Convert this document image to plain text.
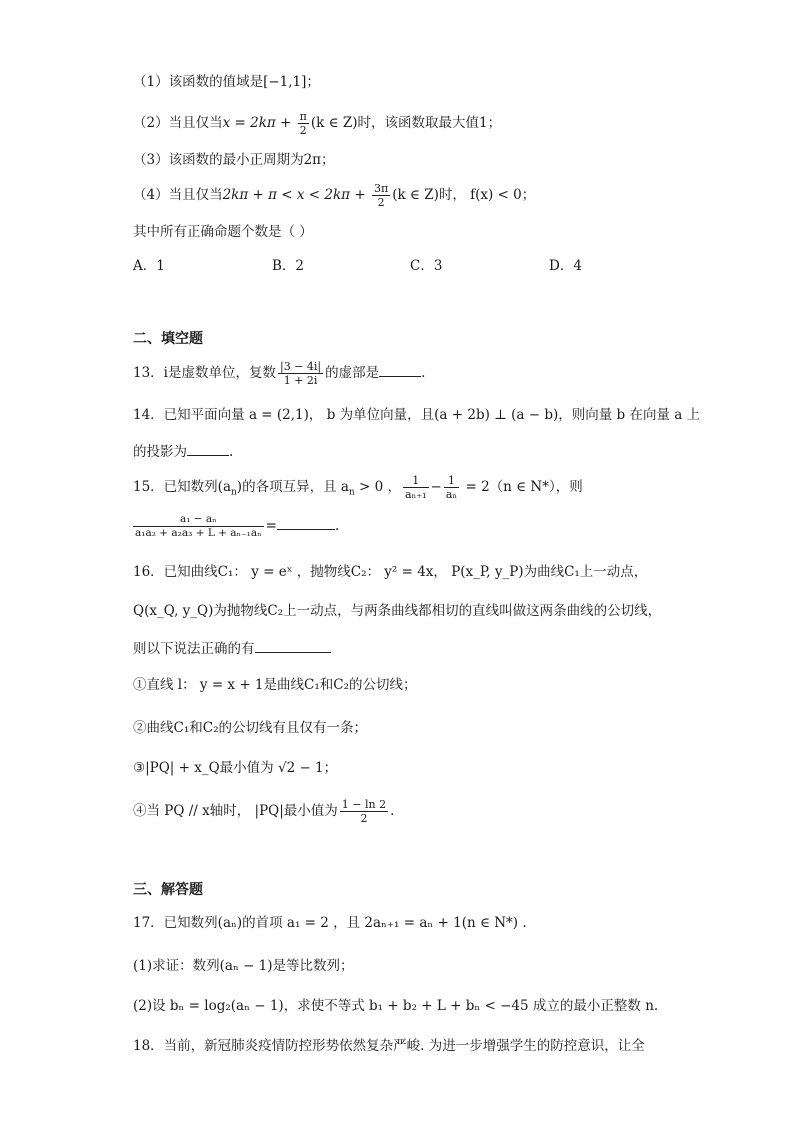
（1）该函数的值域是[−1,1]；
（2）当且仅当$x = 2k\pi + \frac{\pi}{2} (k$ ∈ Z)时，该函数取最大值1；
（3）该函数的最小正周期为2π；
（4）当且仅当$2k\pi + \pi < x < 2k\pi + \frac{3\pi}{2} (k$ ∈ Z)时， f(x) < 0；
其中所有正确命题个数是（ ）
A．1	B．2	C．3	D．4
二、填空题
13．i是虚数单位，复数 $\frac{|3 - 4i|}{1 + 2i}$ 的虚部是	.
14．已知平面向量 a = (2,1)， b 为单位向量，且(a + 2b) ⊥ (a − b)，则向量 b 在向量 a 上
的投影为	.
15．已知数列$(a_n)$的各项互异，且 $a_n > 0$ ， $\frac{1}{\text{aₙ₊₁}} - \frac{1}{\text{aₙ}} = 2(n$ ∈ N*），则
$\frac{\text{a₁ − aₙ}}{\text{a₁a₂ + a₂a₃ + L + aₙ₋₁aₙ}}$ =	.
16．已知曲线C₁： y = eˣ ，抛物线C₂： y² = 4x， P(x_P, y_P)为曲线C₁上一动点，
Q(x_Q, y_Q)为抛物线C₂上一动点，与两条曲线都相切的直线叫做这两条曲线的公切线，
则以下说法正确的有
①直线 l： y = x + 1是曲线C₁和C₂的公切线；
②曲线C₁和C₂的公切线有且仅有一条；
③|PQ| + x_Q最小值为 √2 − 1；
④当 PQ // x轴时， |PQ|最小值为 $\frac{1 - \ln 2}{2}$ .
三、解答题
17．已知数列(aₙ)的首项 a₁ = 2 ，且 2aₙ₊₁ = aₙ + 1(n ∈ N*) .
(1)求证：数列(aₙ − 1)是等比数列；
(2)设 bₙ = log₂(aₙ − 1)，求使不等式 b₁ + b₂ + L + bₙ < −45 成立的最小正整数 n.
18．当前，新冠肺炎疫情防控形势依然复杂严峻. 为进一步增强学生的防控意识，让全
